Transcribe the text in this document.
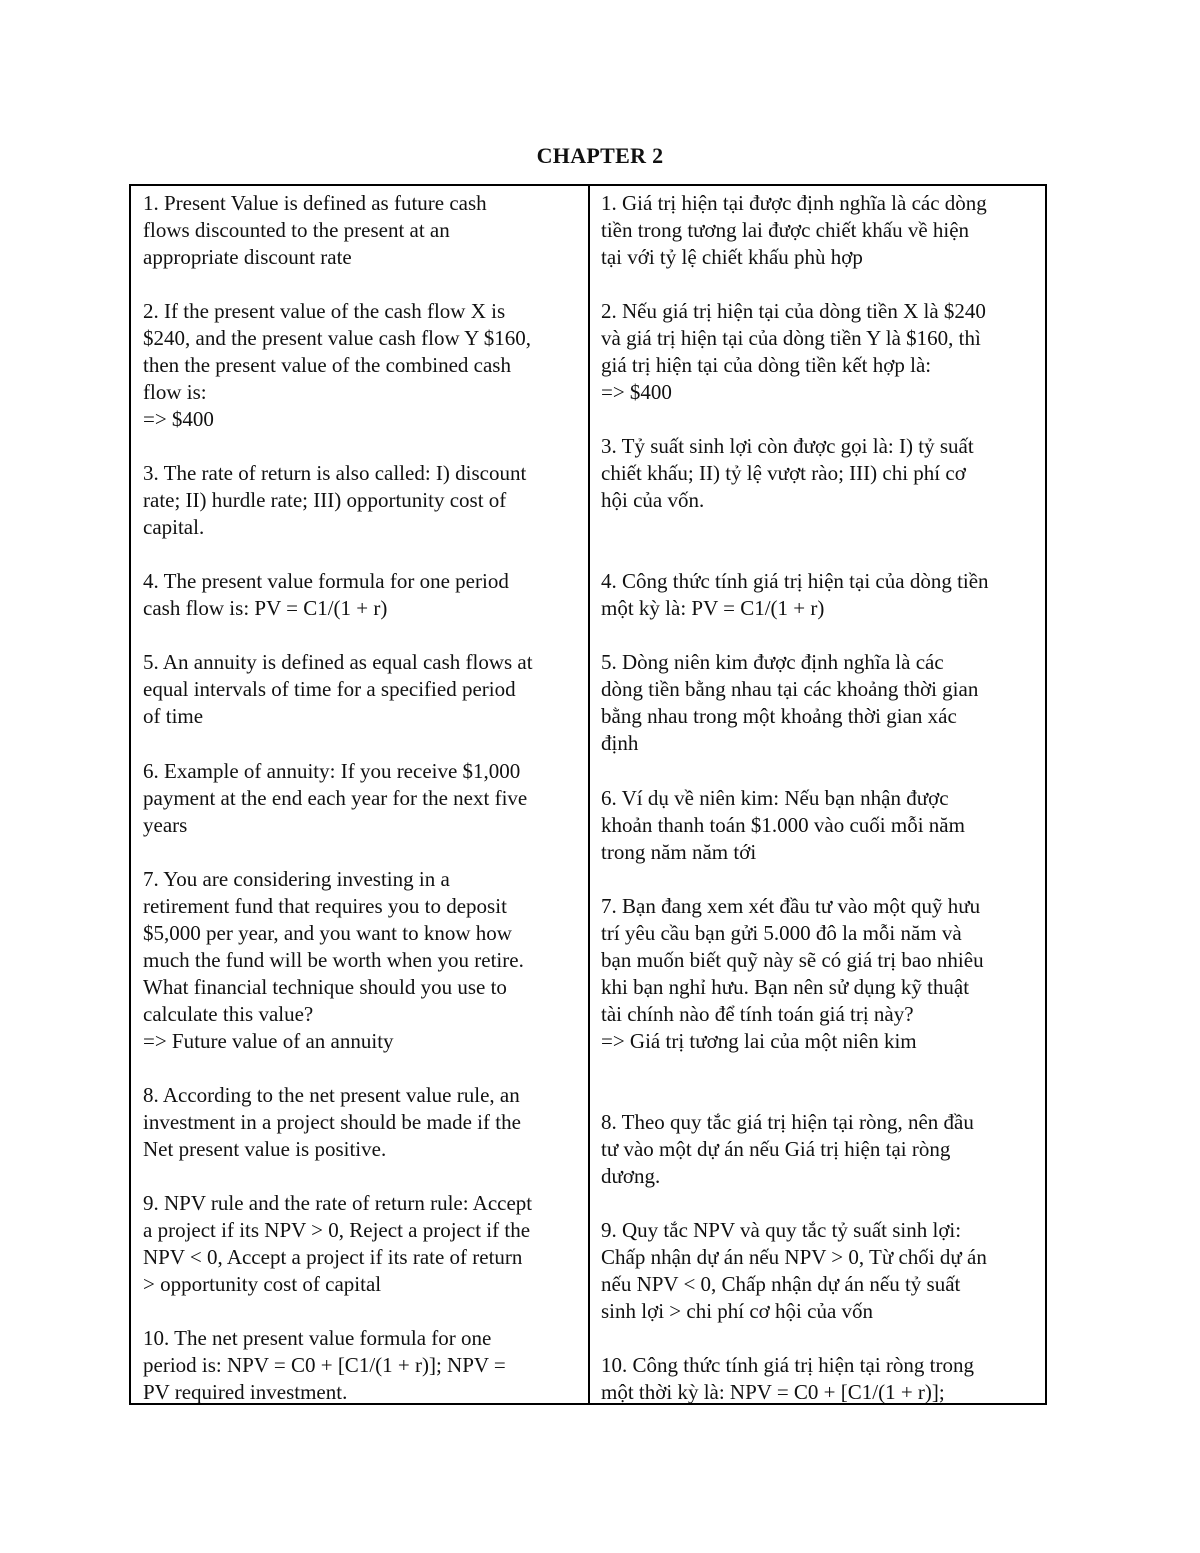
CHAPTER 2
1. Present Value is defined as future cash
flows discounted to the present at an
appropriate discount rate
2. If the present value of the cash flow X is
$240, and the present value cash flow Y $160,
then the present value of the combined cash
flow is:
=> $400
3. The rate of return is also called: I) discount
rate; II) hurdle rate; III) opportunity cost of
capital.
4. The present value formula for one period
cash flow is: PV = C1/(1 + r)
5. An annuity is defined as equal cash flows at
equal intervals of time for a specified period
of time
6. Example of annuity: If you receive $1,000
payment at the end each year for the next five
years
7. You are considering investing in a
retirement fund that requires you to deposit
$5,000 per year, and you want to know how
much the fund will be worth when you retire.
What financial technique should you use to
calculate this value?
=> Future value of an annuity
8. According to the net present value rule, an
investment in a project should be made if the
Net present value is positive.
9. NPV rule and the rate of return rule: Accept
a project if its NPV > 0, Reject a project if the
NPV < 0, Accept a project if its rate of return
> opportunity cost of capital
10. The net present value formula for one
period is: NPV = C0 + [C1/(1 + r)]; NPV =
PV required investment.
1. Giá trị hiện tại được định nghĩa là các dòng
tiền trong tương lai được chiết khấu về hiện
tại với tỷ lệ chiết khấu phù hợp
2. Nếu giá trị hiện tại của dòng tiền X là $240
và giá trị hiện tại của dòng tiền Y là $160, thì
giá trị hiện tại của dòng tiền kết hợp là:
=> $400
3. Tỷ suất sinh lợi còn được gọi là: I) tỷ suất
chiết khấu; II) tỷ lệ vượt rào; III) chi phí cơ
hội của vốn.
4. Công thức tính giá trị hiện tại của dòng tiền
một kỳ là: PV = C1/(1 + r)
5. Dòng niên kim được định nghĩa là các
dòng tiền bằng nhau tại các khoảng thời gian
bằng nhau trong một khoảng thời gian xác
định
6. Ví dụ về niên kim: Nếu bạn nhận được
khoản thanh toán $1.000 vào cuối mỗi năm
trong năm năm tới
7. Bạn đang xem xét đầu tư vào một quỹ hưu
trí yêu cầu bạn gửi 5.000 đô la mỗi năm và
bạn muốn biết quỹ này sẽ có giá trị bao nhiêu
khi bạn nghỉ hưu. Bạn nên sử dụng kỹ thuật
tài chính nào để tính toán giá trị này?
=> Giá trị tương lai của một niên kim
8. Theo quy tắc giá trị hiện tại ròng, nên đầu
tư vào một dự án nếu Giá trị hiện tại ròng
dương.
9. Quy tắc NPV và quy tắc tỷ suất sinh lợi:
Chấp nhận dự án nếu NPV > 0, Từ chối dự án
nếu NPV < 0, Chấp nhận dự án nếu tỷ suất
sinh lợi > chi phí cơ hội của vốn
10. Công thức tính giá trị hiện tại ròng trong
một thời kỳ là: NPV = C0 + [C1/(1 + r)];
